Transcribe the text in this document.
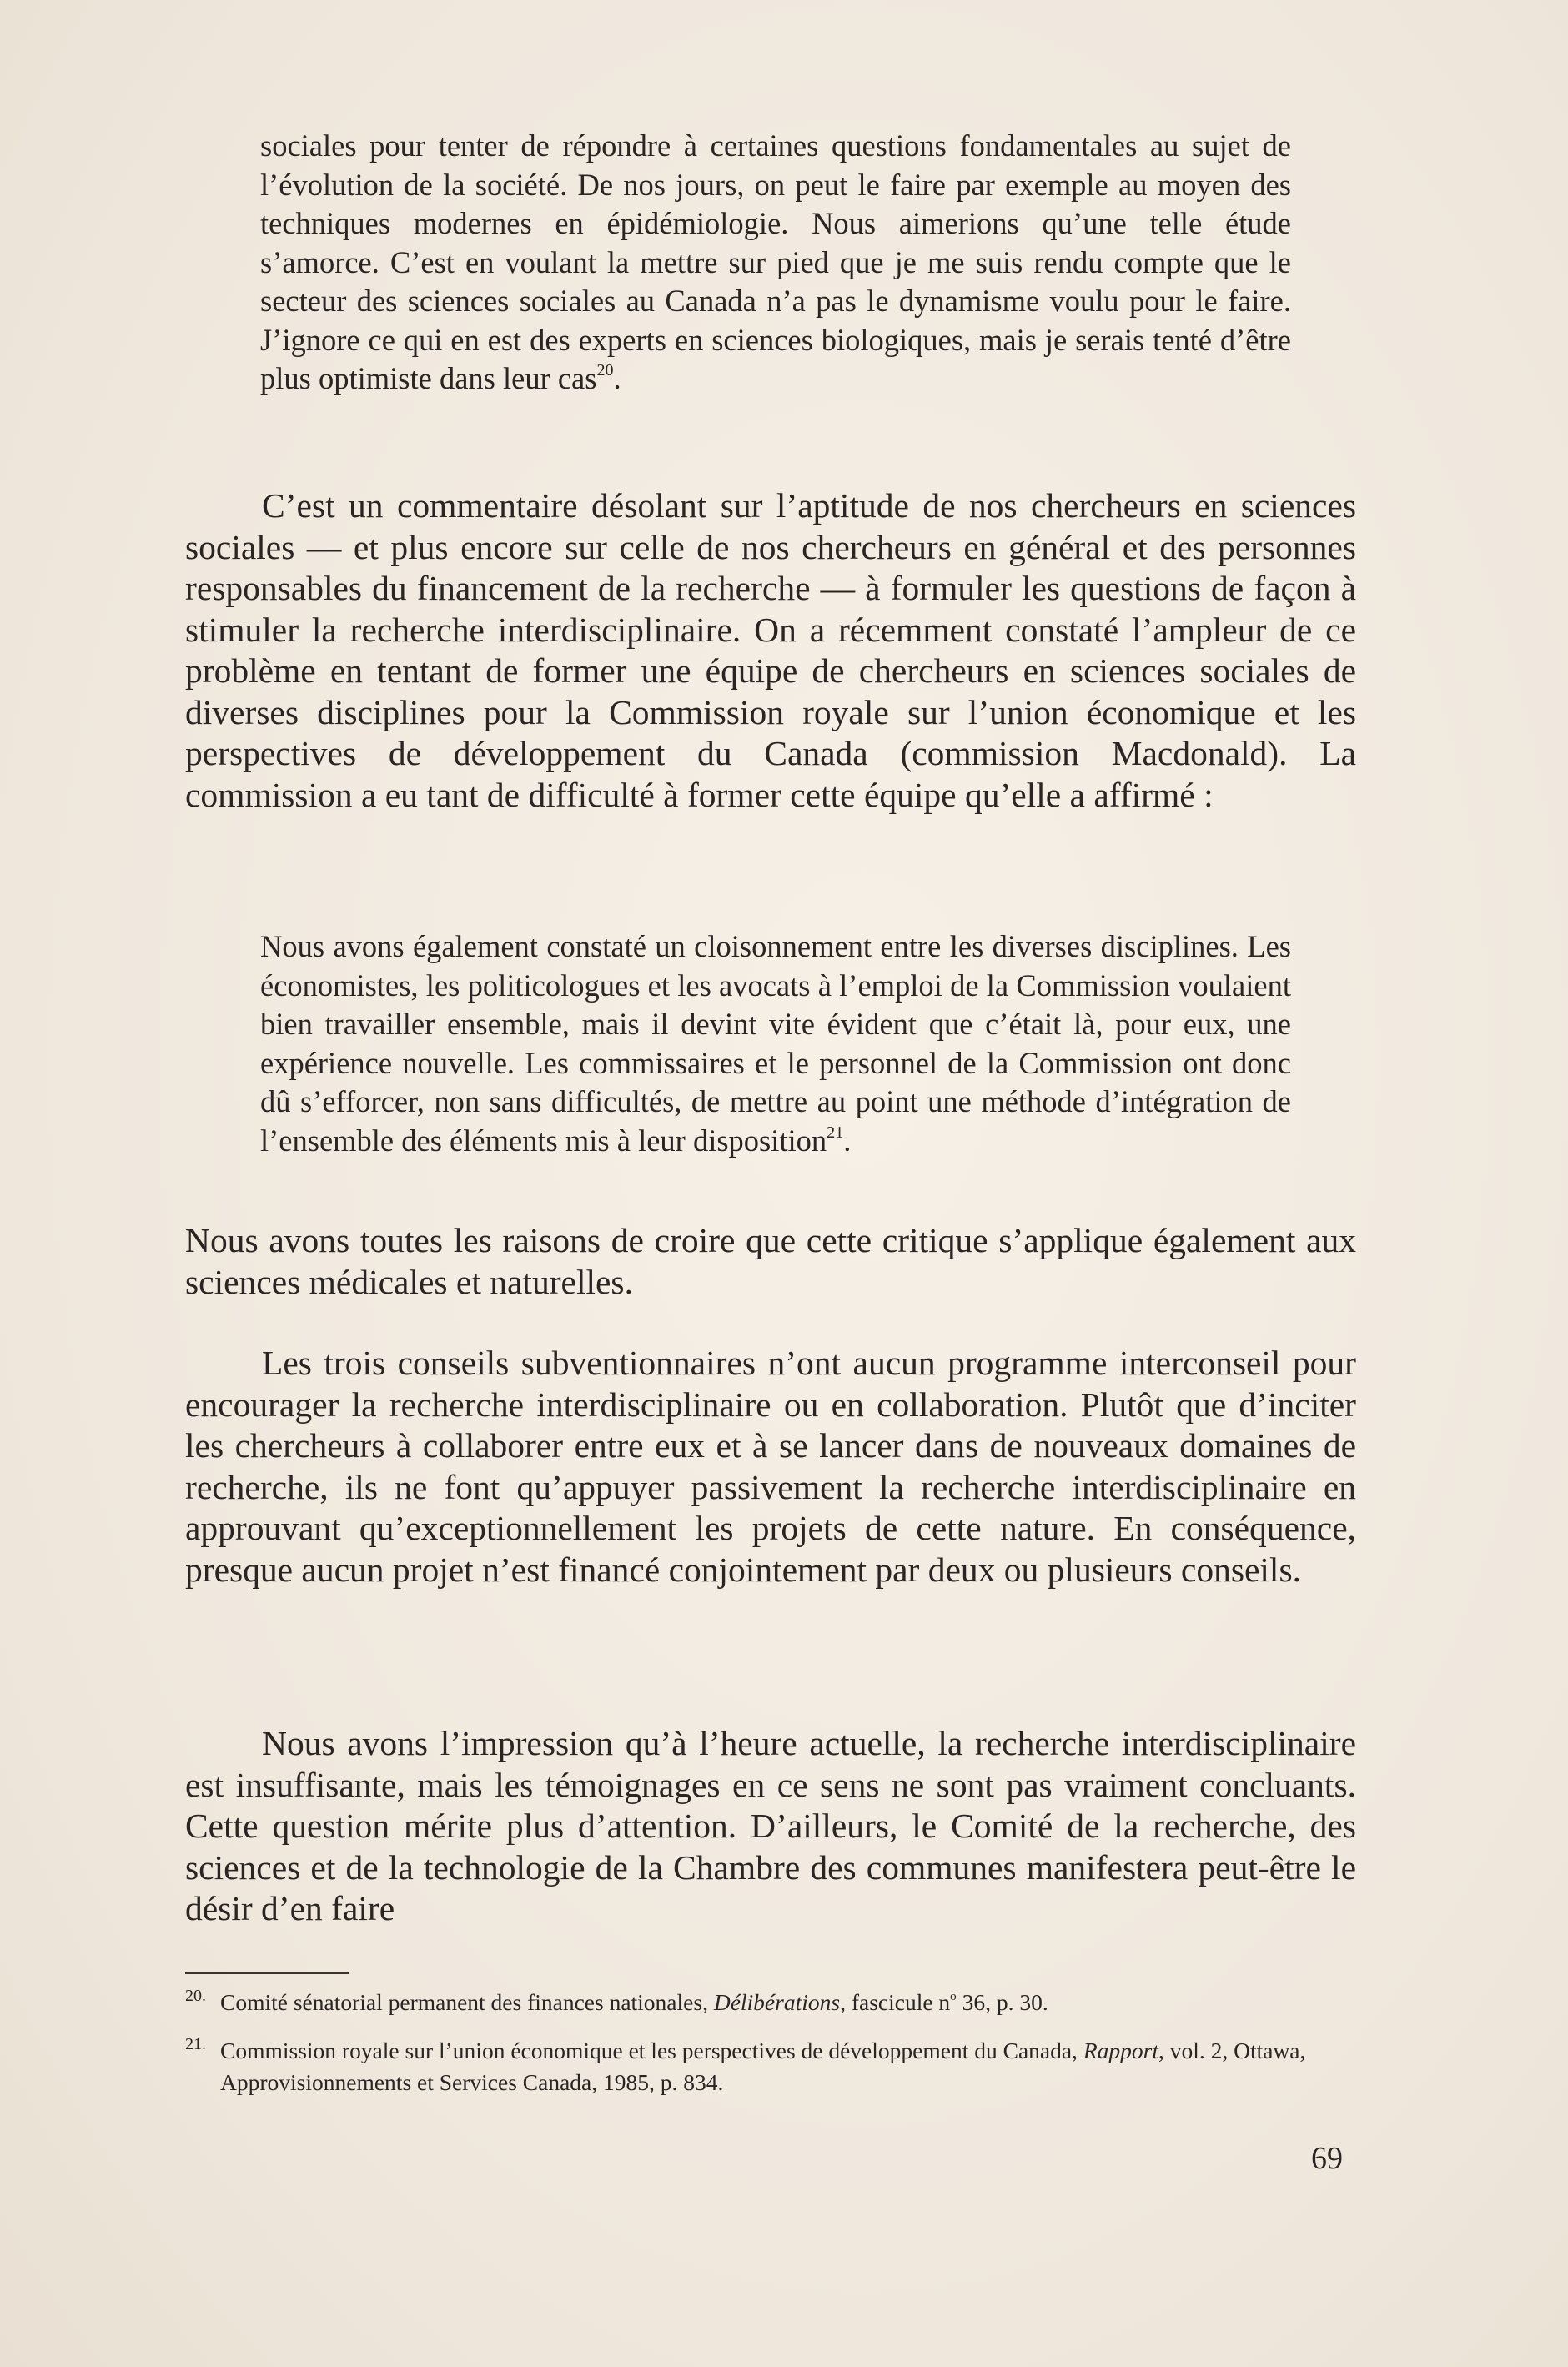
sociales pour tenter de répondre à certaines questions fondamentales au sujet de l’évolution de la société. De nos jours, on peut le faire par exemple au moyen des techniques modernes en épidémiologie. Nous aimerions qu’une telle étude s’amorce. C’est en voulant la mettre sur pied que je me suis rendu compte que le secteur des sciences sociales au Canada n’a pas le dynamisme voulu pour le faire. J’ignore ce qui en est des experts en sciences biologiques, mais je serais tenté d’être plus optimiste dans leur cas$^{20}$.

C’est un commentaire désolant sur l’aptitude de nos chercheurs en sciences sociales — et plus encore sur celle de nos chercheurs en général et des personnes responsables du financement de la recherche — à formuler les questions de façon à stimuler la recherche interdisciplinaire. On a récemment constaté l’ampleur de ce problème en tentant de former une équipe de chercheurs en sciences sociales de diverses disciplines pour la Commission royale sur l’union économique et les perspectives de développement du Canada (commission Macdonald). La commission a eu tant de difficulté à former cette équipe qu’elle a affirmé :

Nous avons également constaté un cloisonnement entre les diverses disciplines. Les économistes, les politicologues et les avocats à l’emploi de la Commission voulaient bien travailler ensemble, mais il devint vite évident que c’était là, pour eux, une expérience nouvelle. Les commissaires et le personnel de la Commission ont donc dû s’efforcer, non sans difficultés, de mettre au point une méthode d’intégration de l’ensemble des éléments mis à leur disposition$^{21}$.

Nous avons toutes les raisons de croire que cette critique s’applique également aux sciences médicales et naturelles.

Les trois conseils subventionnaires n’ont aucun programme interconseil pour encourager la recherche interdisciplinaire ou en collaboration. Plutôt que d’inciter les chercheurs à collaborer entre eux et à se lancer dans de nouveaux domaines de recherche, ils ne font qu’appuyer passivement la recherche interdisciplinaire en approuvant qu’exceptionnellement les projets de cette nature. En conséquence, presque aucun projet n’est financé conjointement par deux ou plusieurs conseils.

Nous avons l’impression qu’à l’heure actuelle, la recherche interdisciplinaire est insuffisante, mais les témoignages en ce sens ne sont pas vraiment concluants. Cette question mérite plus d’attention. D’ailleurs, le Comité de la recherche, des sciences et de la technologie de la Chambre des communes manifestera peut-être le désir d’en faire

20. Comité sénatorial permanent des finances nationales, Délibérations, fascicule $n^o$ 36, p. 30.
21. Commission royale sur l’union économique et les perspectives de développement du Canada, Rapport, vol. 2, Ottawa, Approvisionnements et Services Canada, 1985, p. 834.
69
